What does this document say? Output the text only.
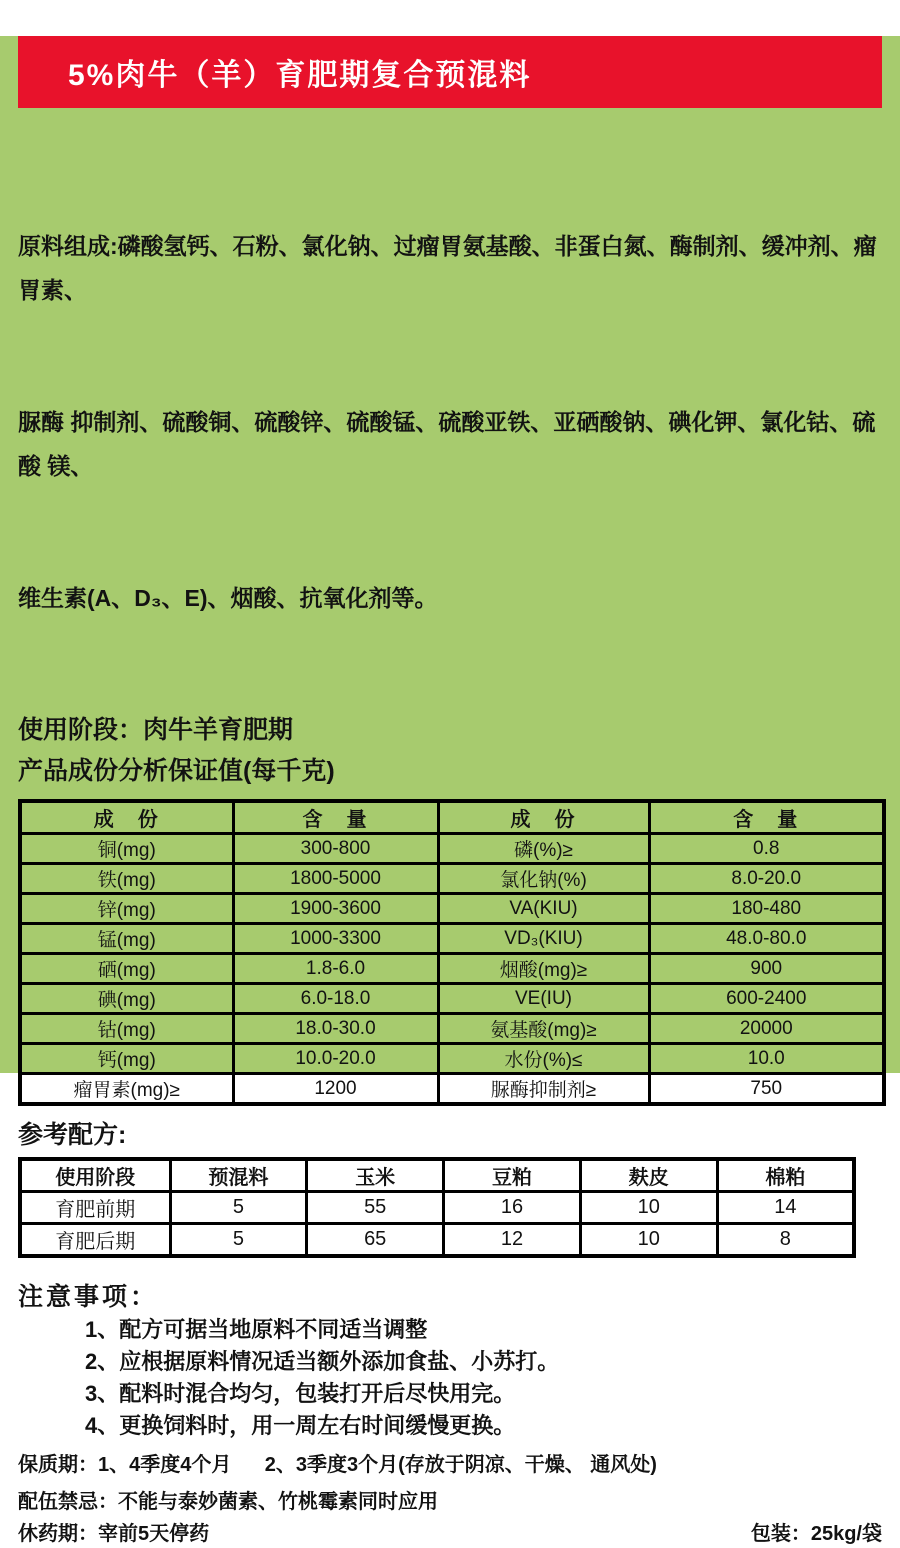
5%肉牛（羊）育肥期复合预混料

原料组成:磷酸氢钙、石粉、氯化钠、过瘤胃氨基酸、非蛋白氮、酶制剂、缓冲剂、瘤胃素、

脲酶 抑制剂、硫酸铜、硫酸锌、硫酸锰、硫酸亚铁、亚硒酸钠、碘化钾、氯化钴、硫酸 镁、

维生素(A、D₃、E)、烟酸、抗氧化剂等。

使用阶段：肉牛羊育肥期
产品成份分析保证值(每千克)
成　份	含　量	成　份	含　量
铜(mg)	300-800	磷(%)≥	0.8
铁(mg)	1800-5000	氯化钠(%)	8.0-20.0
锌(mg)	1900-3600	VA(KIU)	180-480
锰(mg)	1000-3300	VD₃(KIU)	48.0-80.0
硒(mg)	1.8-6.0	烟酸(mg)≥	900
碘(mg)	6.0-18.0	VE(IU)	600-2400
钴(mg)	18.0-30.0	氨基酸(mg)≥	20000
钙(mg)	10.0-20.0	水份(%)≤	10.0
瘤胃素(mg)≥	1200	脲酶抑制剂≥	750
参考配方:
使用阶段	预混料	玉米	豆粕	麸皮	棉粕
育肥前期	5	55	16	10	14
育肥后期	5	65	12	10	8
注意事项：
1、配方可据当地原料不同适当调整
2、应根据原料情况适当额外添加食盐、小苏打。
3、配料时混合均匀，包装打开后尽快用完。
4、更换饲料时，用一周左右时间缓慢更换。
保质期：1、4季度4个月      2、3季度3个月(存放于阴凉、干燥、 通风处)
配伍禁忌：不能与泰妙菌素、竹桃霉素同时应用
休药期：宰前5天停药	包装：25kg/袋
